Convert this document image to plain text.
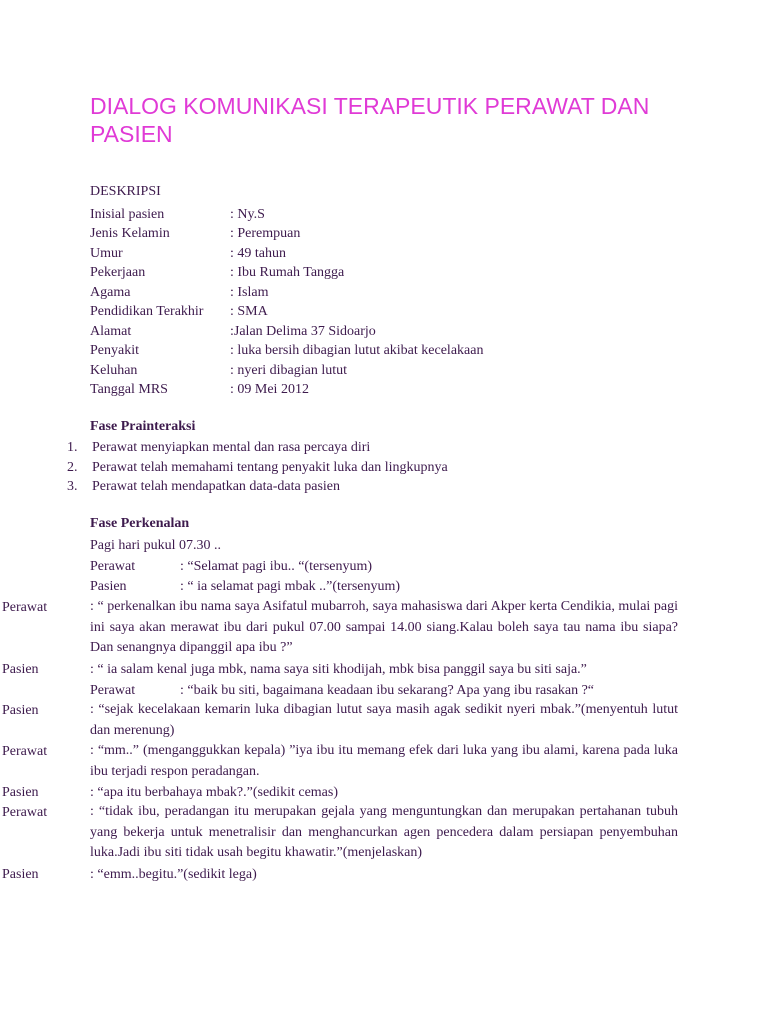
DIALOG KOMUNIKASI TERAPEUTIK PERAWAT DAN PASIEN
DESKRIPSI
Inisial pasien	: Ny.S
Jenis Kelamin	: Perempuan
Umur	: 49 tahun
Pekerjaan	: Ibu Rumah Tangga
Agama	: Islam
Pendidikan Terakhir : SMA
Alamat	:Jalan Delima 37 Sidoarjo
Penyakit	: luka bersih dibagian lutut akibat kecelakaan
Keluhan	: nyeri dibagian lutut
Tanggal MRS	: 09 Mei 2012
Fase Prainteraksi
1. Perawat menyiapkan mental dan rasa percaya diri
2. Perawat telah memahami tentang penyakit luka dan lingkupnya
3. Perawat telah mendapatkan data-data pasien
Fase Perkenalan
Pagi hari pukul 07.30 ..
Perawat	: “Selamat pagi ibu.. “(tersenyum)
Pasien	: “ ia selamat pagi mbak ..”(tersenyum)
Perawat	: “ perkenalkan ibu nama saya Asifatul mubarroh, saya mahasiswa dari Akper kerta Cendikia, mulai pagi ini saya akan merawat ibu dari pukul 07.00 sampai 14.00 siang.Kalau boleh saya tau nama ibu siapa? Dan senangnya dipanggil apa ibu ?”
Pasien	: “ ia salam kenal juga mbk, nama saya siti khodijah, mbk bisa panggil saya bu siti saja.”
Perawat	: “baik bu siti, bagaimana keadaan ibu sekarang? Apa yang ibu rasakan ?“
Pasien	: “sejak kecelakaan kemarin luka dibagian lutut saya masih agak sedikit nyeri mbak.”(menyentuh lutut dan merenung)
Perawat	: “mm..” (menganggukkan kepala) ”iya ibu itu memang efek dari luka yang ibu alami, karena pada luka ibu terjadi respon peradangan.
Pasien	: “apa itu berbahaya mbak?.”(sedikit cemas)
Perawat	: “tidak ibu, peradangan itu merupakan gejala yang menguntungkan dan merupakan pertahanan tubuh yang bekerja untuk menetralisir dan menghancurkan agen pencedera dalam persiapan penyembuhan luka.Jadi ibu siti tidak usah begitu khawatir.”(menjelaskan)
Pasien	: “emm..begitu.”(sedikit lega)
